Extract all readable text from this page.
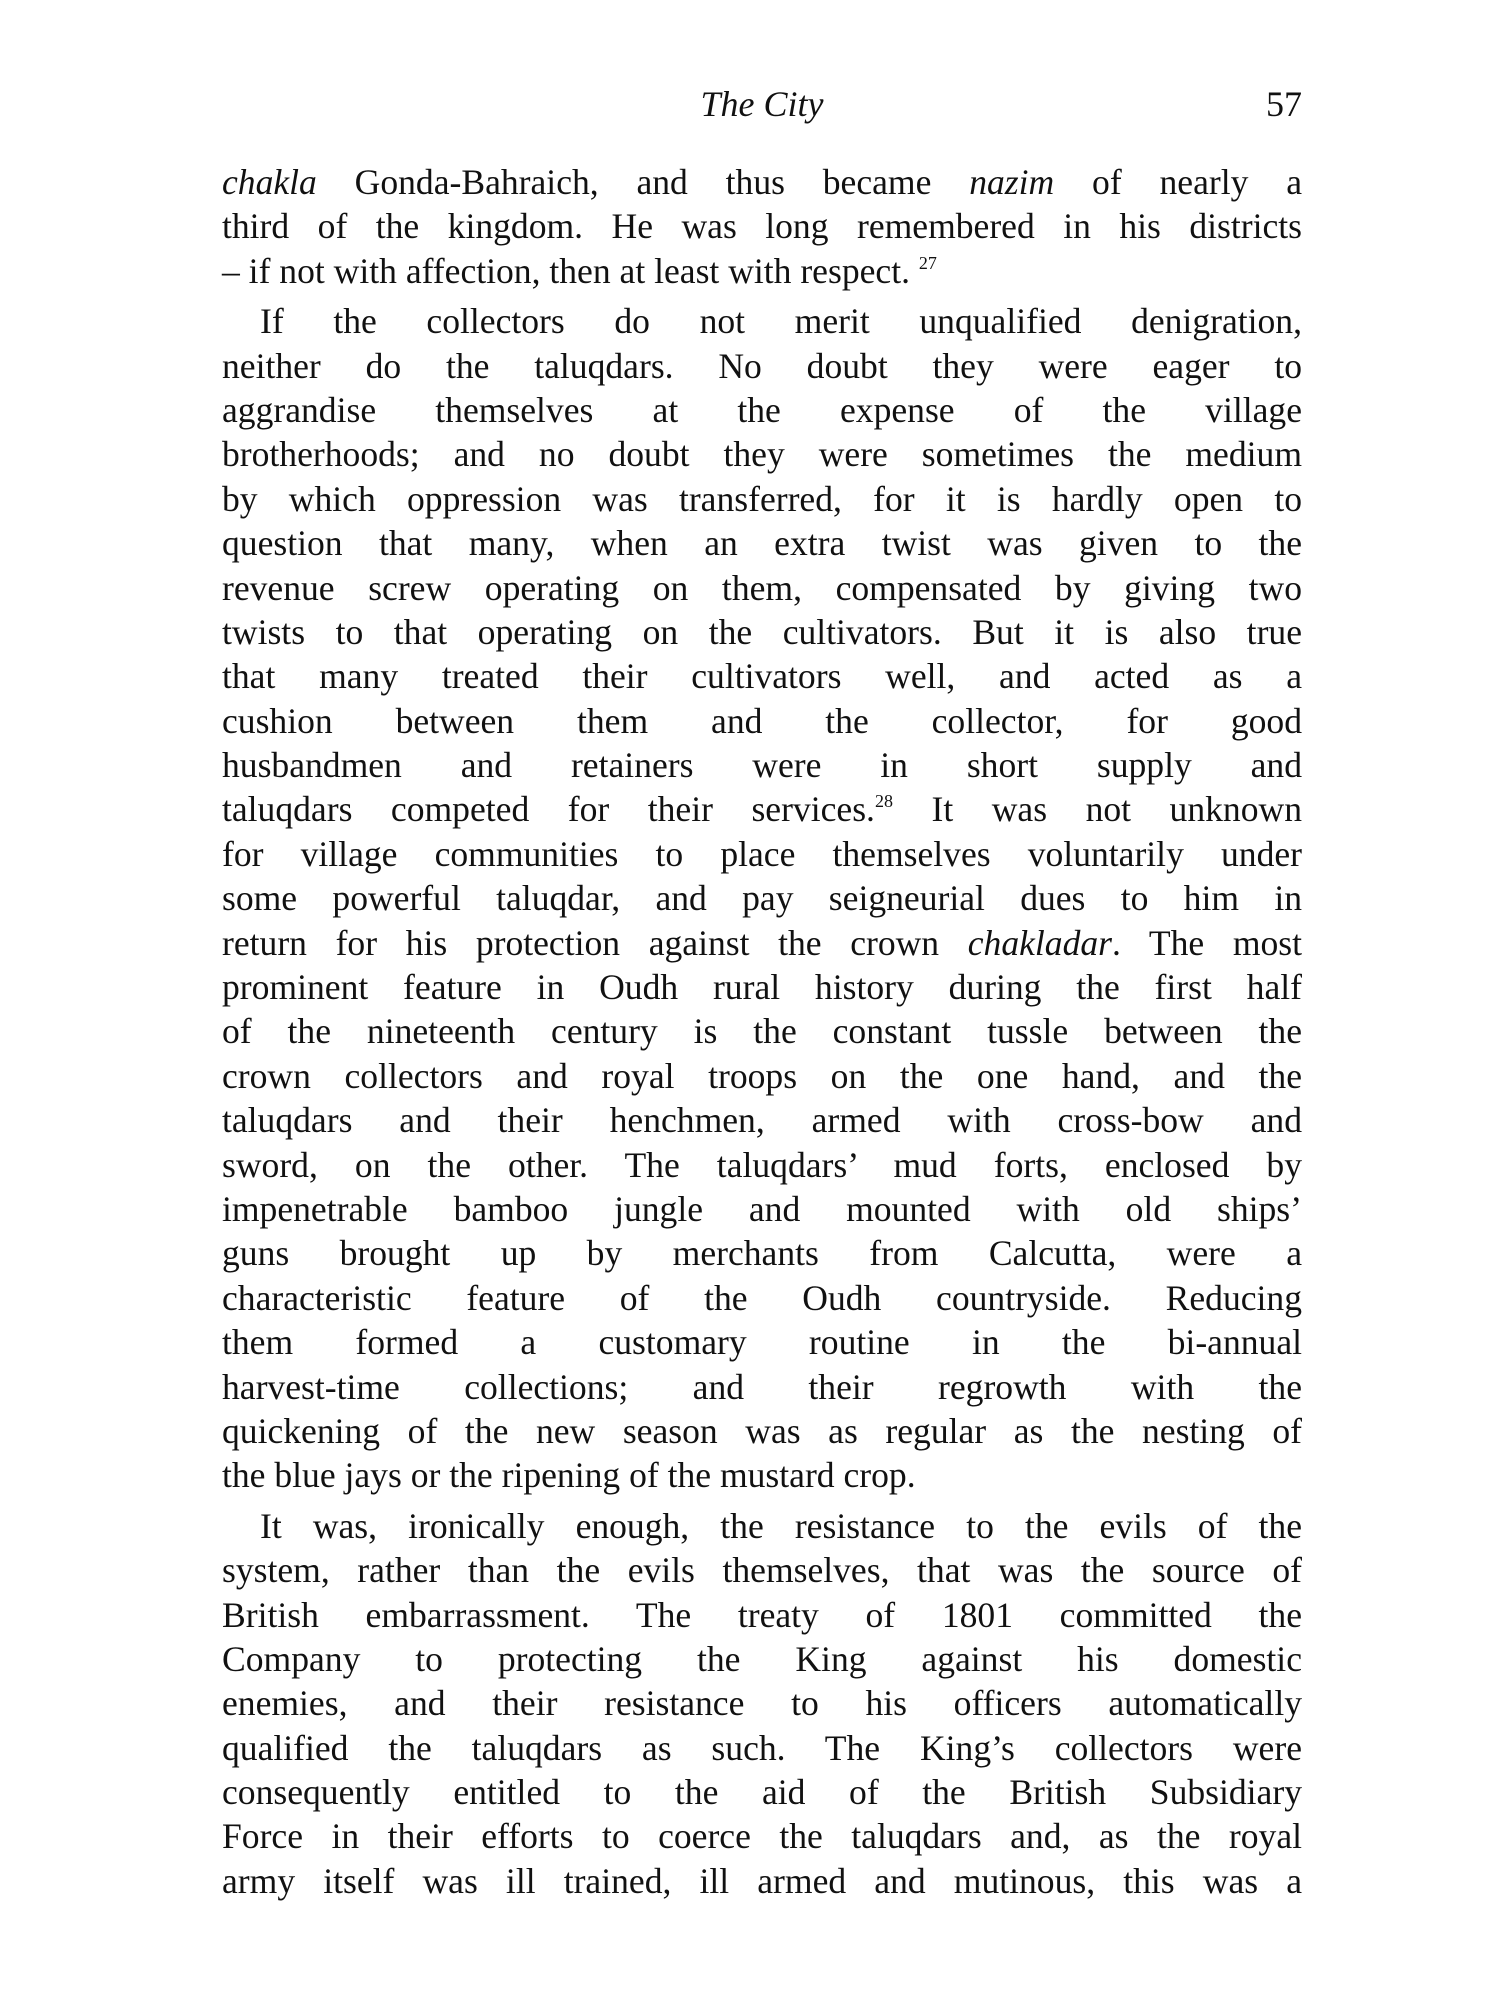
The City	57
chakla Gonda-Bahraich, and thus became nazim of nearly a
third of the kingdom. He was long remembered in his districts
– if not with affection, then at least with respect. $^{27}$
If the collectors do not merit unqualified denigration,
neither do the taluqdars. No doubt they were eager to
aggrandise themselves at the expense of the village
brotherhoods; and no doubt they were sometimes the medium
by which oppression was transferred, for it is hardly open to
question that many, when an extra twist was given to the
revenue screw operating on them, compensated by giving two
twists to that operating on the cultivators. But it is also true
that many treated their cultivators well, and acted as a
cushion between them and the collector, for good
husbandmen and retainers were in short supply and
taluqdars competed for their services.$^{28}$ It was not unknown
for village communities to place themselves voluntarily under
some powerful taluqdar, and pay seigneurial dues to him in
return for his protection against the crown chakladar. The most
prominent feature in Oudh rural history during the first half
of the nineteenth century is the constant tussle between the
crown collectors and royal troops on the one hand, and the
taluqdars and their henchmen, armed with cross-bow and
sword, on the other. The taluqdars’ mud forts, enclosed by
impenetrable bamboo jungle and mounted with old ships’
guns brought up by merchants from Calcutta, were a
characteristic feature of the Oudh countryside. Reducing
them formed a customary routine in the bi-annual
harvest-time collections; and their regrowth with the
quickening of the new season was as regular as the nesting of
the blue jays or the ripening of the mustard crop.
It was, ironically enough, the resistance to the evils of the
system, rather than the evils themselves, that was the source of
British embarrassment. The treaty of 1801 committed the
Company to protecting the King against his domestic
enemies, and their resistance to his officers automatically
qualified the taluqdars as such. The King’s collectors were
consequently entitled to the aid of the British Subsidiary
Force in their efforts to coerce the taluqdars and, as the royal
army itself was ill trained, ill armed and mutinous, this was a
